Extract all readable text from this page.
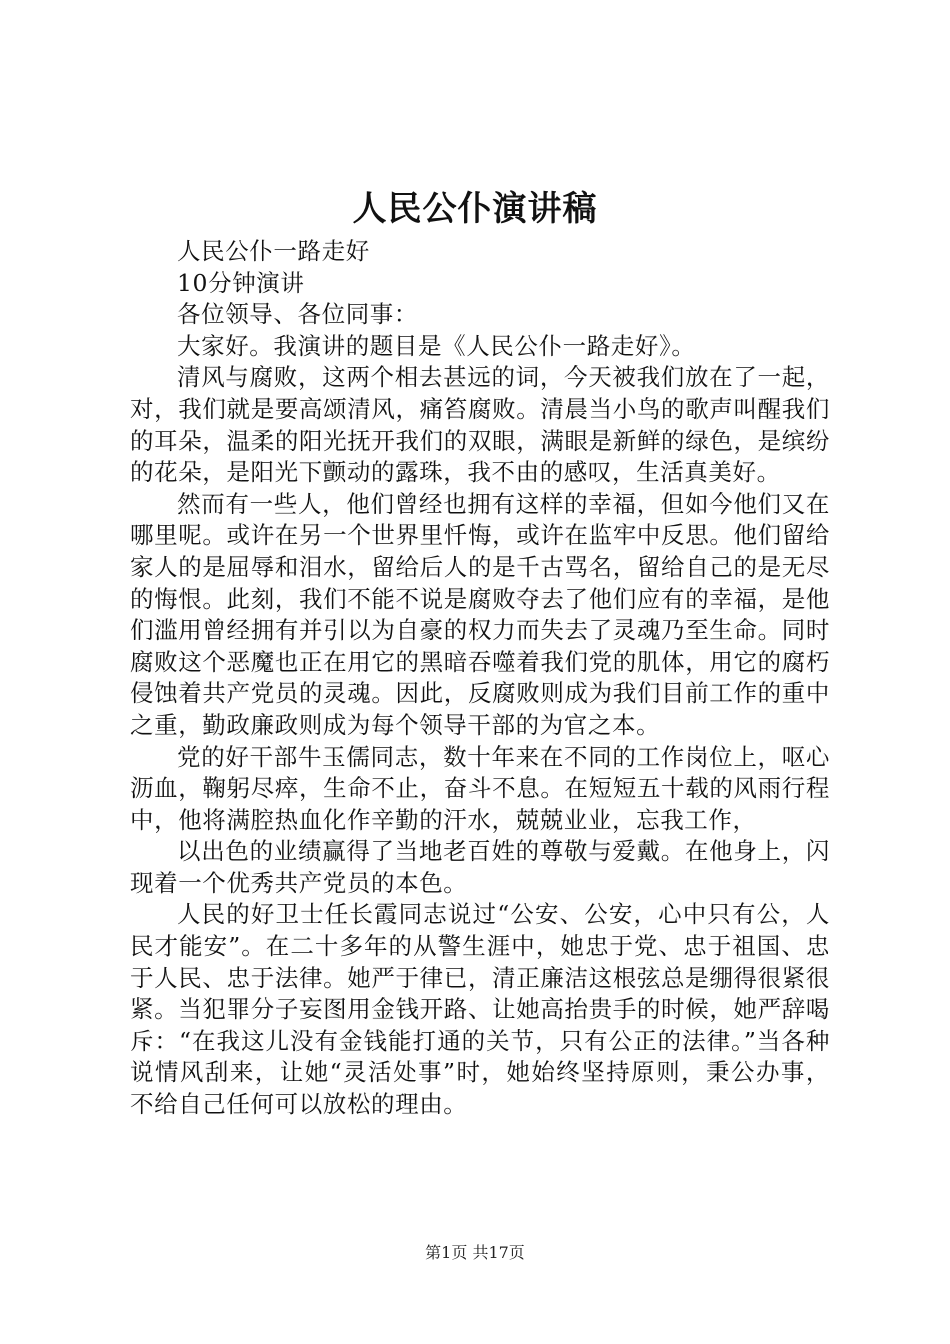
人民公仆演讲稿

人民公仆一路走好

10分钟演讲

各位领导、各位同事：

大家好。我演讲的题目是《人民公仆一路走好》。

清风与腐败，这两个相去甚远的词，今天被我们放在了一起，对，我们就是要高颂清风，痛笞腐败。清晨当小鸟的歌声叫醒我们的耳朵，温柔的阳光抚开我们的双眼，满眼是新鲜的绿色，是缤纷的花朵，是阳光下颤动的露珠，我不由的感叹，生活真美好。

然而有一些人，他们曾经也拥有这样的幸福，但如今他们又在哪里呢。或许在另一个世界里忏悔，或许在监牢中反思。他们留给家人的是屈辱和泪水，留给后人的是千古骂名，留给自己的是无尽的悔恨。此刻，我们不能不说是腐败夺去了他们应有的幸福，是他们滥用曾经拥有并引以为自豪的权力而失去了灵魂乃至生命。同时腐败这个恶魔也正在用它的黑暗吞噬着我们党的肌体，用它的腐朽侵蚀着共产党员的灵魂。因此，反腐败则成为我们目前工作的重中之重，勤政廉政则成为每个领导干部的为官之本。

党的好干部牛玉儒同志，数十年来在不同的工作岗位上，呕心沥血，鞠躬尽瘁，生命不止，奋斗不息。在短短五十载的风雨行程中，他将满腔热血化作辛勤的汗水，兢兢业业，忘我工作，

以出色的业绩赢得了当地老百姓的尊敬与爱戴。在他身上，闪现着一个优秀共产党员的本色。

人民的好卫士任长霞同志说过“公安、公安，心中只有公，人民才能安”。在二十多年的从警生涯中，她忠于党、忠于祖国、忠于人民、忠于法律。她严于律已，清正廉洁这根弦总是绷得很紧很紧。当犯罪分子妄图用金钱开路、让她高抬贵手的时候，她严辞喝斥：“在我这儿没有金钱能打通的关节，只有公正的法律。”当各种说情风刮来，让她“灵活处事”时，她始终坚持原则，秉公办事，不给自己任何可以放松的理由。

第1页 共17页
